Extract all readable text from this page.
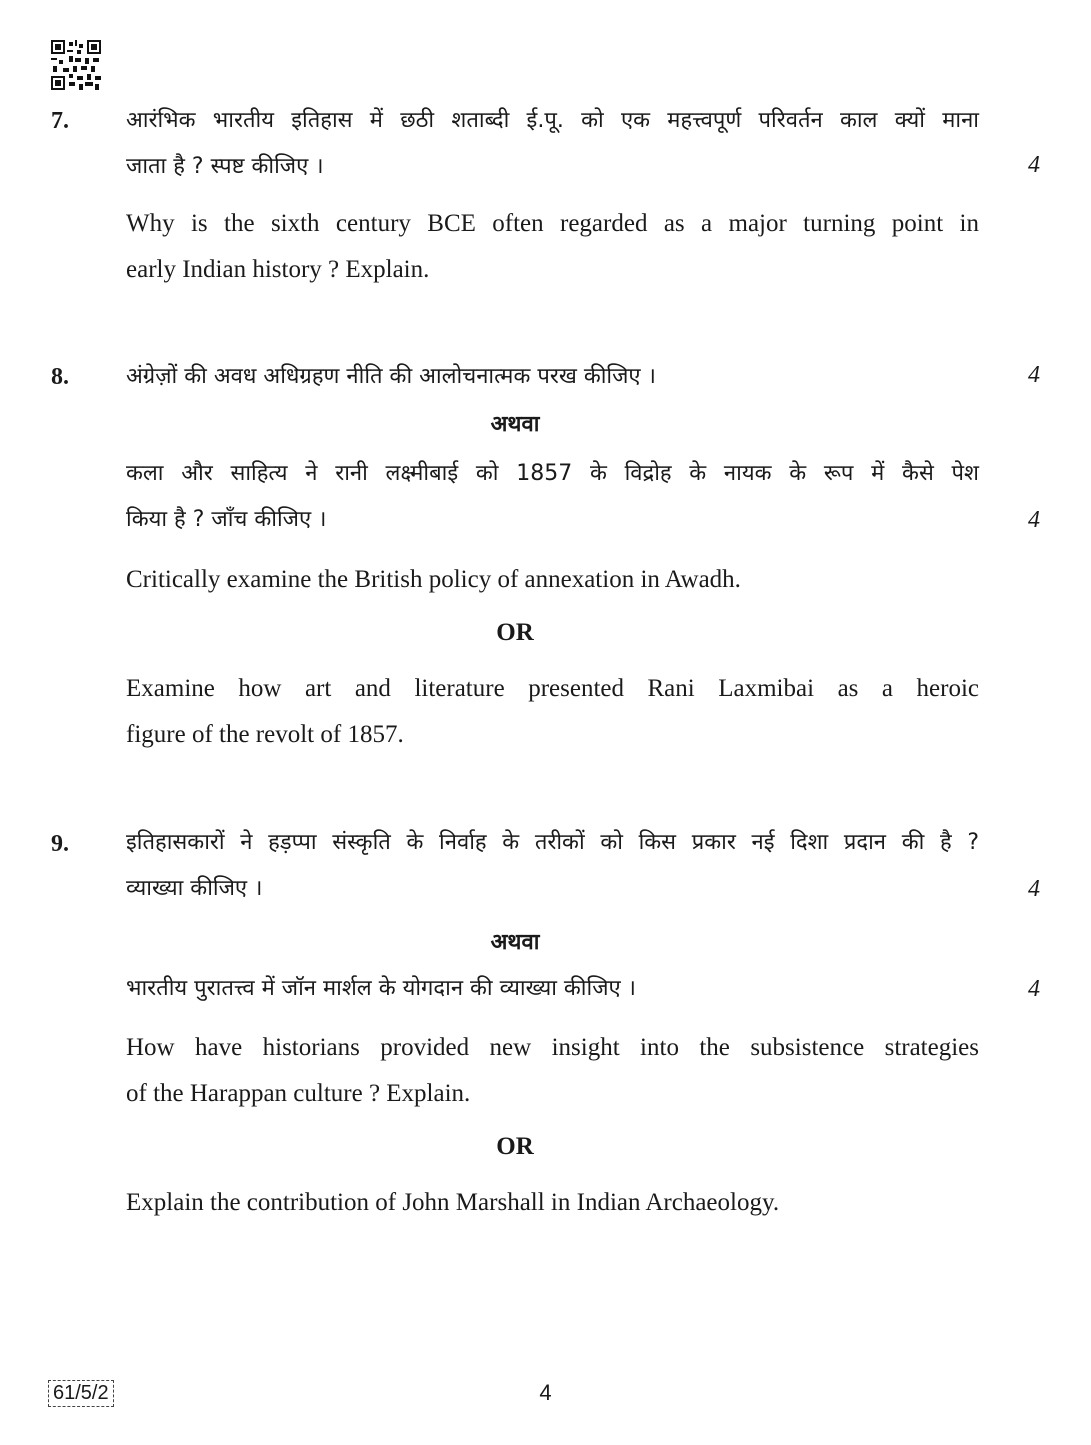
7.	आरंभिक भारतीय इतिहास में छठी शताब्दी ई.पू. को एक महत्त्वपूर्ण परिवर्तन काल क्यों माना
जाता है ? स्पष्ट कीजिए ।	4
Why is the sixth century BCE often regarded as a major turning point in
early Indian history ? Explain.
8.	अंग्रेज़ों की अवध अधिग्रहण नीति की आलोचनात्मक परख कीजिए ।	4
अथवा
कला और साहित्य ने रानी लक्ष्मीबाई को 1857 के विद्रोह के नायक के रूप में कैसे पेश
किया है ? जाँच कीजिए ।	4
Critically examine the British policy of annexation in Awadh.
OR
Examine how art and literature presented Rani Laxmibai as a heroic
figure of the revolt of 1857.
9.	इतिहासकारों ने हड़प्पा संस्कृति के निर्वाह के तरीकों को किस प्रकार नई दिशा प्रदान की है ?
व्याख्या कीजिए ।	4
अथवा
भारतीय पुरातत्त्व में जॉन मार्शल के योगदान की व्याख्या कीजिए ।	4
How have historians provided new insight into the subsistence strategies
of the Harappan culture ? Explain.
OR
Explain the contribution of John Marshall in Indian Archaeology.
61/5/2	4
